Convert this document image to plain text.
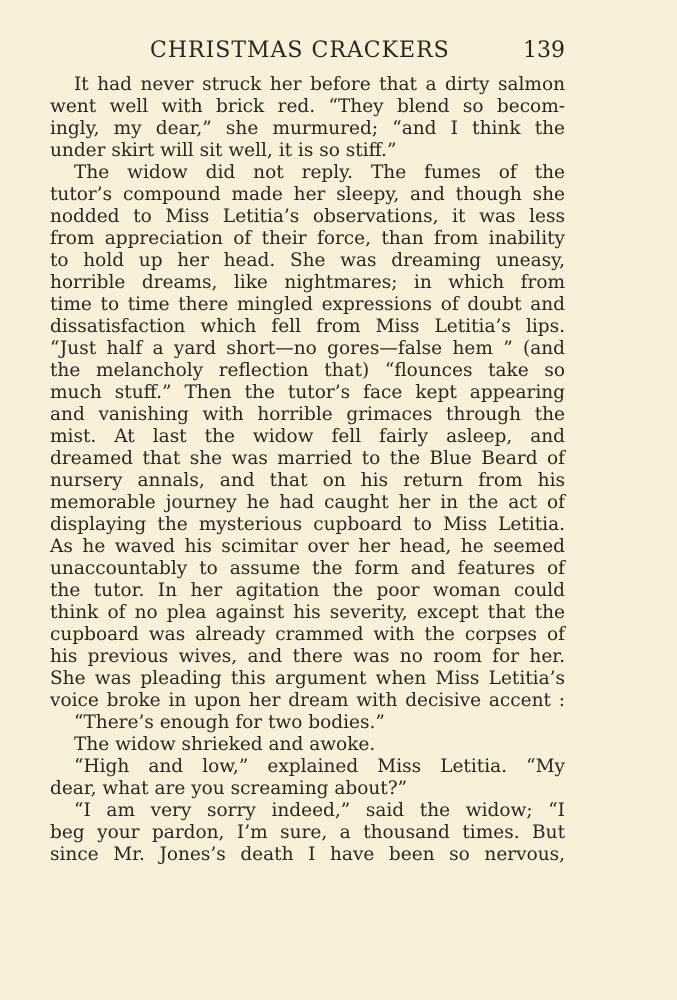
CHRISTMAS CRACKERS	139
It had never struck her before that a dirty salmon
went well with brick red. “They blend so becom-
ingly, my dear,” she murmured; “and I think the
under skirt will sit well, it is so stiff.”
The widow did not reply. The fumes of the
tutor’s compound made her sleepy, and though she
nodded to Miss Letitia’s observations, it was less
from appreciation of their force, than from inability
to hold up her head. She was dreaming uneasy,
horrible dreams, like nightmares; in which from
time to time there mingled expressions of doubt and
dissatisfaction which fell from Miss Letitia’s lips.
“Just half a yard short—no gores—false hem ” (and
the melancholy reflection that) “flounces take so
much stuff.” Then the tutor’s face kept appearing
and vanishing with horrible grimaces through the
mist. At last the widow fell fairly asleep, and
dreamed that she was married to the Blue Beard of
nursery annals, and that on his return from his
memorable journey he had caught her in the act of
displaying the mysterious cupboard to Miss Letitia.
As he waved his scimitar over her head, he seemed
unaccountably to assume the form and features of
the tutor. In her agitation the poor woman could
think of no plea against his severity, except that the
cupboard was already crammed with the corpses of
his previous wives, and there was no room for her.
She was pleading this argument when Miss Letitia’s
voice broke in upon her dream with decisive accent :
“There’s enough for two bodies.”
The widow shrieked and awoke.
“High and low,” explained Miss Letitia. “My
dear, what are you screaming about?”
“I am very sorry indeed,” said the widow; “I
beg your pardon, I’m sure, a thousand times. But
since Mr. Jones’s death I have been so nervous,
